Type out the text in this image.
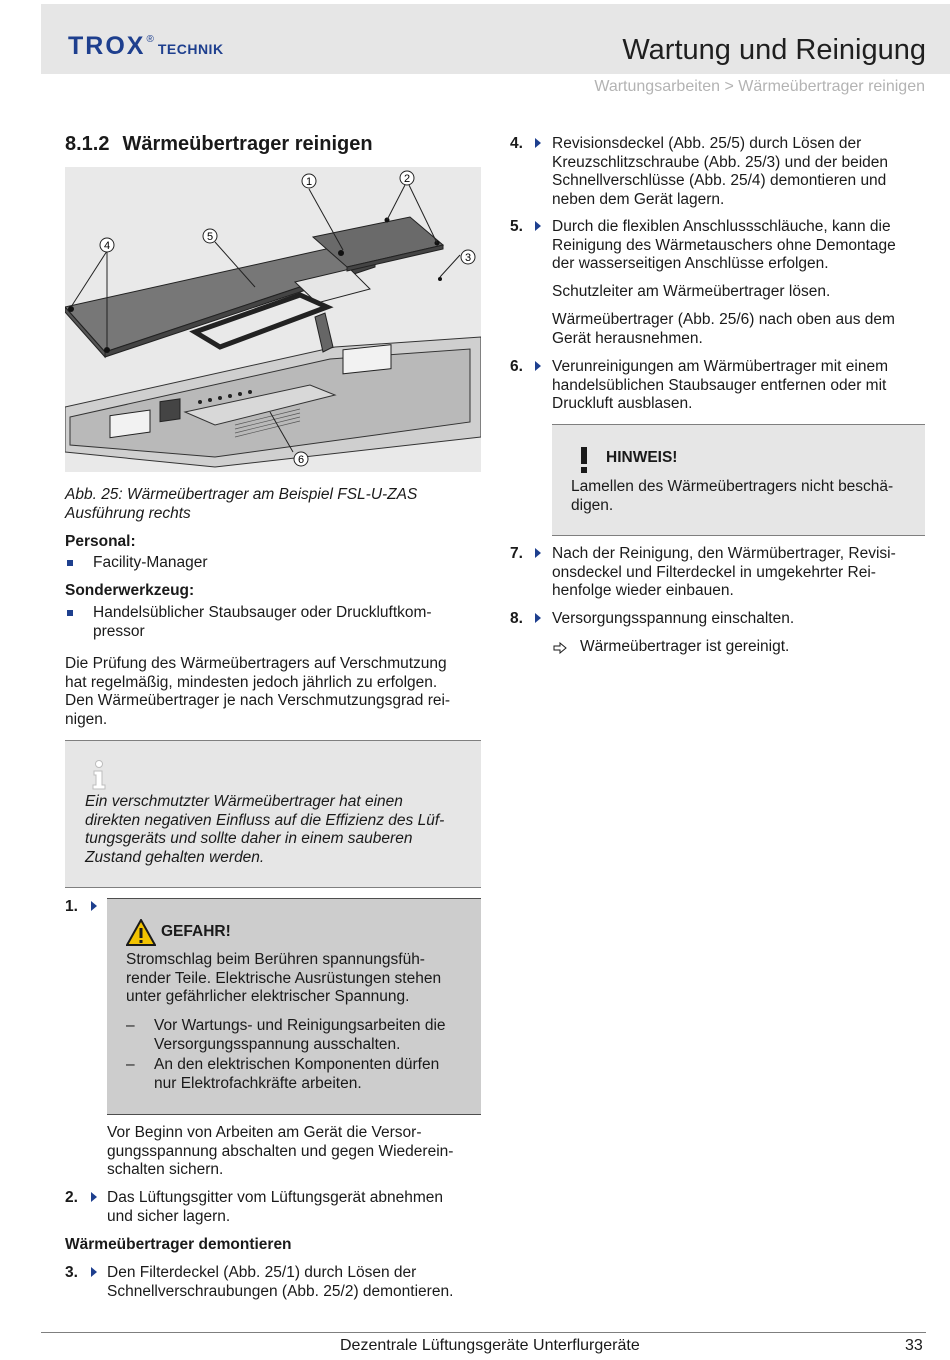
TROX ®
TECHNIK	Wartung und Reinigung
Wartungsarbeiten > Wärmeübertrager reinigen
8.1.2 Wärmeübertrager reinigen
1	2
3
4
5
6
Abb. 25: Wärmeübertrager am Beispiel FSL-U-ZAS
Ausführung rechts
Personal:
Facility-Manager
Sonderwerkzeug:
Handelsüblicher Staubsauger oder Druckluftkom-
pressor
Die Prüfung des Wärmeübertragers auf Verschmutzung
hat regelmäßig, mindesten jedoch jährlich zu erfolgen.
Den Wärmeübertrager je nach Verschmutzungsgrad rei-
nigen.
Ein verschmutzter Wärmeübertrager hat einen
direkten negativen Einfluss auf die Effizienz des Lüf-
tungsgeräts und sollte daher in einem sauberen
Zustand gehalten werden.
1.
GEFAHR!
Stromschlag beim Berühren spannungsfüh-
render Teile. Elektrische Ausrüstungen stehen
unter gefährlicher elektrischer Spannung.
– Vor Wartungs- und Reinigungsarbeiten die
Versorgungsspannung ausschalten.
– An den elektrischen Komponenten dürfen
nur Elektrofachkräfte arbeiten.
Vor Beginn von Arbeiten am Gerät die Versor-
gungsspannung abschalten und gegen Wiederein-
schalten sichern.
2. Das Lüftungsgitter vom Lüftungsgerät abnehmen
und sicher lagern.
Wärmeübertrager demontieren
3. Den Filterdeckel (Abb. 25/1) durch Lösen der
Schnellverschraubungen (Abb. 25/2) demontieren.
4. Revisionsdeckel (Abb. 25/5) durch Lösen der
Kreuzschlitzschraube (Abb. 25/3) und der beiden
Schnellverschlüsse (Abb. 25/4) demontieren und
neben dem Gerät lagern.
5. Durch die flexiblen Anschlussschläuche, kann die
Reinigung des Wärmetauschers ohne Demontage
der wasserseitigen Anschlüsse erfolgen.
Schutzleiter am Wärmeübertrager lösen.
Wärmeübertrager (Abb. 25/6) nach oben aus dem
Gerät herausnehmen.
6. Verunreinigungen am Wärmübertrager mit einem
handelsüblichen Staubsauger entfernen oder mit
Druckluft ausblasen.
HINWEIS!
Lamellen des Wärmeübertragers nicht beschä-
digen.
7. Nach der Reinigung, den Wärmübertrager, Revisi-
onsdeckel und Filterdeckel in umgekehrter Rei-
henfolge wieder einbauen.
8. Versorgungsspannung einschalten.
Wärmeübertrager ist gereinigt.
Dezentrale Lüftungsgeräte Unterflurgeräte	33
